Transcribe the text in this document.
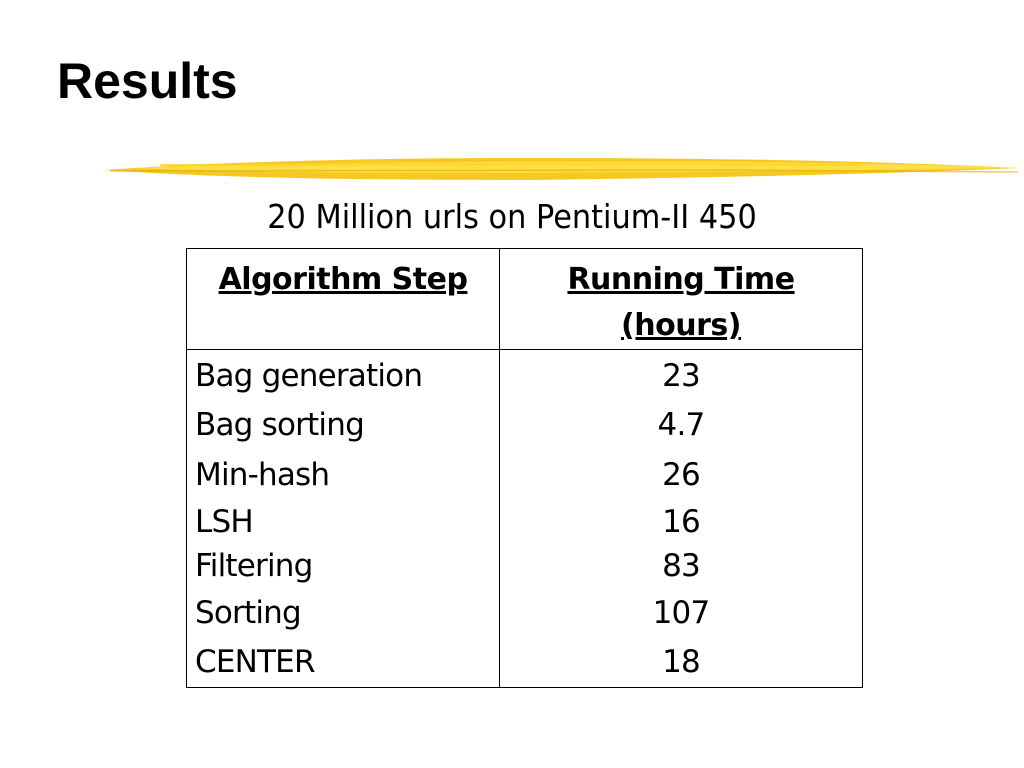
Results
20 Million urls on Pentium-II 450
Algorithm Step	Running Time (hours)
Bag generation	23
Bag sorting	4.7
Min-hash	26
LSH	16
Filtering	83
Sorting	107
CENTER	18
